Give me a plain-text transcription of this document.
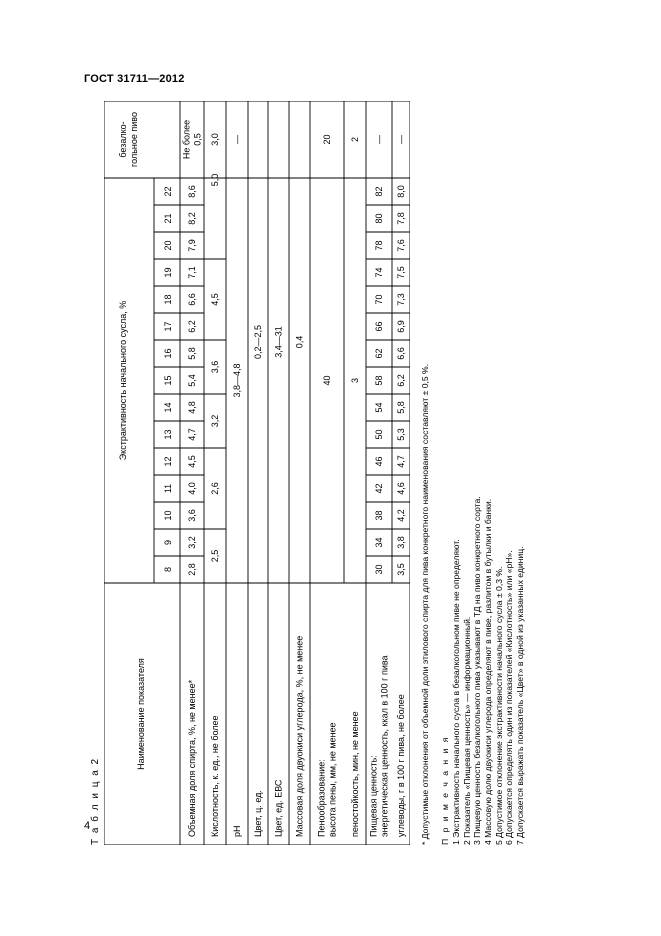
ГОСТ 31711—2012
4 Т а б л и ц а 2
Наименование показателя
Экстрактивность начального сусла, %
безалко- гольное пиво
8
9
10
11
12
13
14
15
16
17
18
19
20
21
22
Объемная доля спирта, %, не менее*
2,8
3,2
3,6
4,0
4,5
4,7
4,8
5,4
5,8
6,2
6,6
7,1
7,9
8,2
8,6
Не более 0,5
Кислотность, к. ед., не более
2,5
2,6
3,2
3,6
4,5
5,0
3,0
pH
3,8—4,8
—
Цвет, ц. ед.
0,2—2,5
Цвет, ед. ЕВС
3,4—31
Массовая доля двуокиси углерода, %, не менее
0,4
Пенообразование: высота пены, мм, не менее
40
20
пеностойкость, мин, не менее
3
2
Пищевая ценность: энергетическая ценность, ккал в 100 г пива
30
34
38
42
46
50
54
58
62
66
70
74
78
80
82
—
углеводы, г в 100 г пива, не более
3,5
3,8
4,2
4,6
4,7
5,3
5,8
6,2
6,6
6,9
7,3
7,5
7,6
7,8
8,0
—
* Допустимые отклонения от объемной доли этилового спирта для пива конкретного наименования составляют ± 0,5 %. П р и м е ч а н и я 1 Экстрактивность начального сусла в безалкогольном пиве не определяют. 2 Показатель «Пищевая ценность» — информационный. 3 Пищевую ценность безалкогольного пива указывают в ТД на пиво конкретного сорта. 4 Массовую долю двуокиси углерода определяют в пиве, разлитом в бутылки и банки. 5 Допустимое отклонение экстрактивности начального сусла ± 0,3 %. 6 Допускается определять один из показателей «Кислотность» или «pH». 7 Допускается выражать показатель «Цвет» в одной из указанных единиц.
